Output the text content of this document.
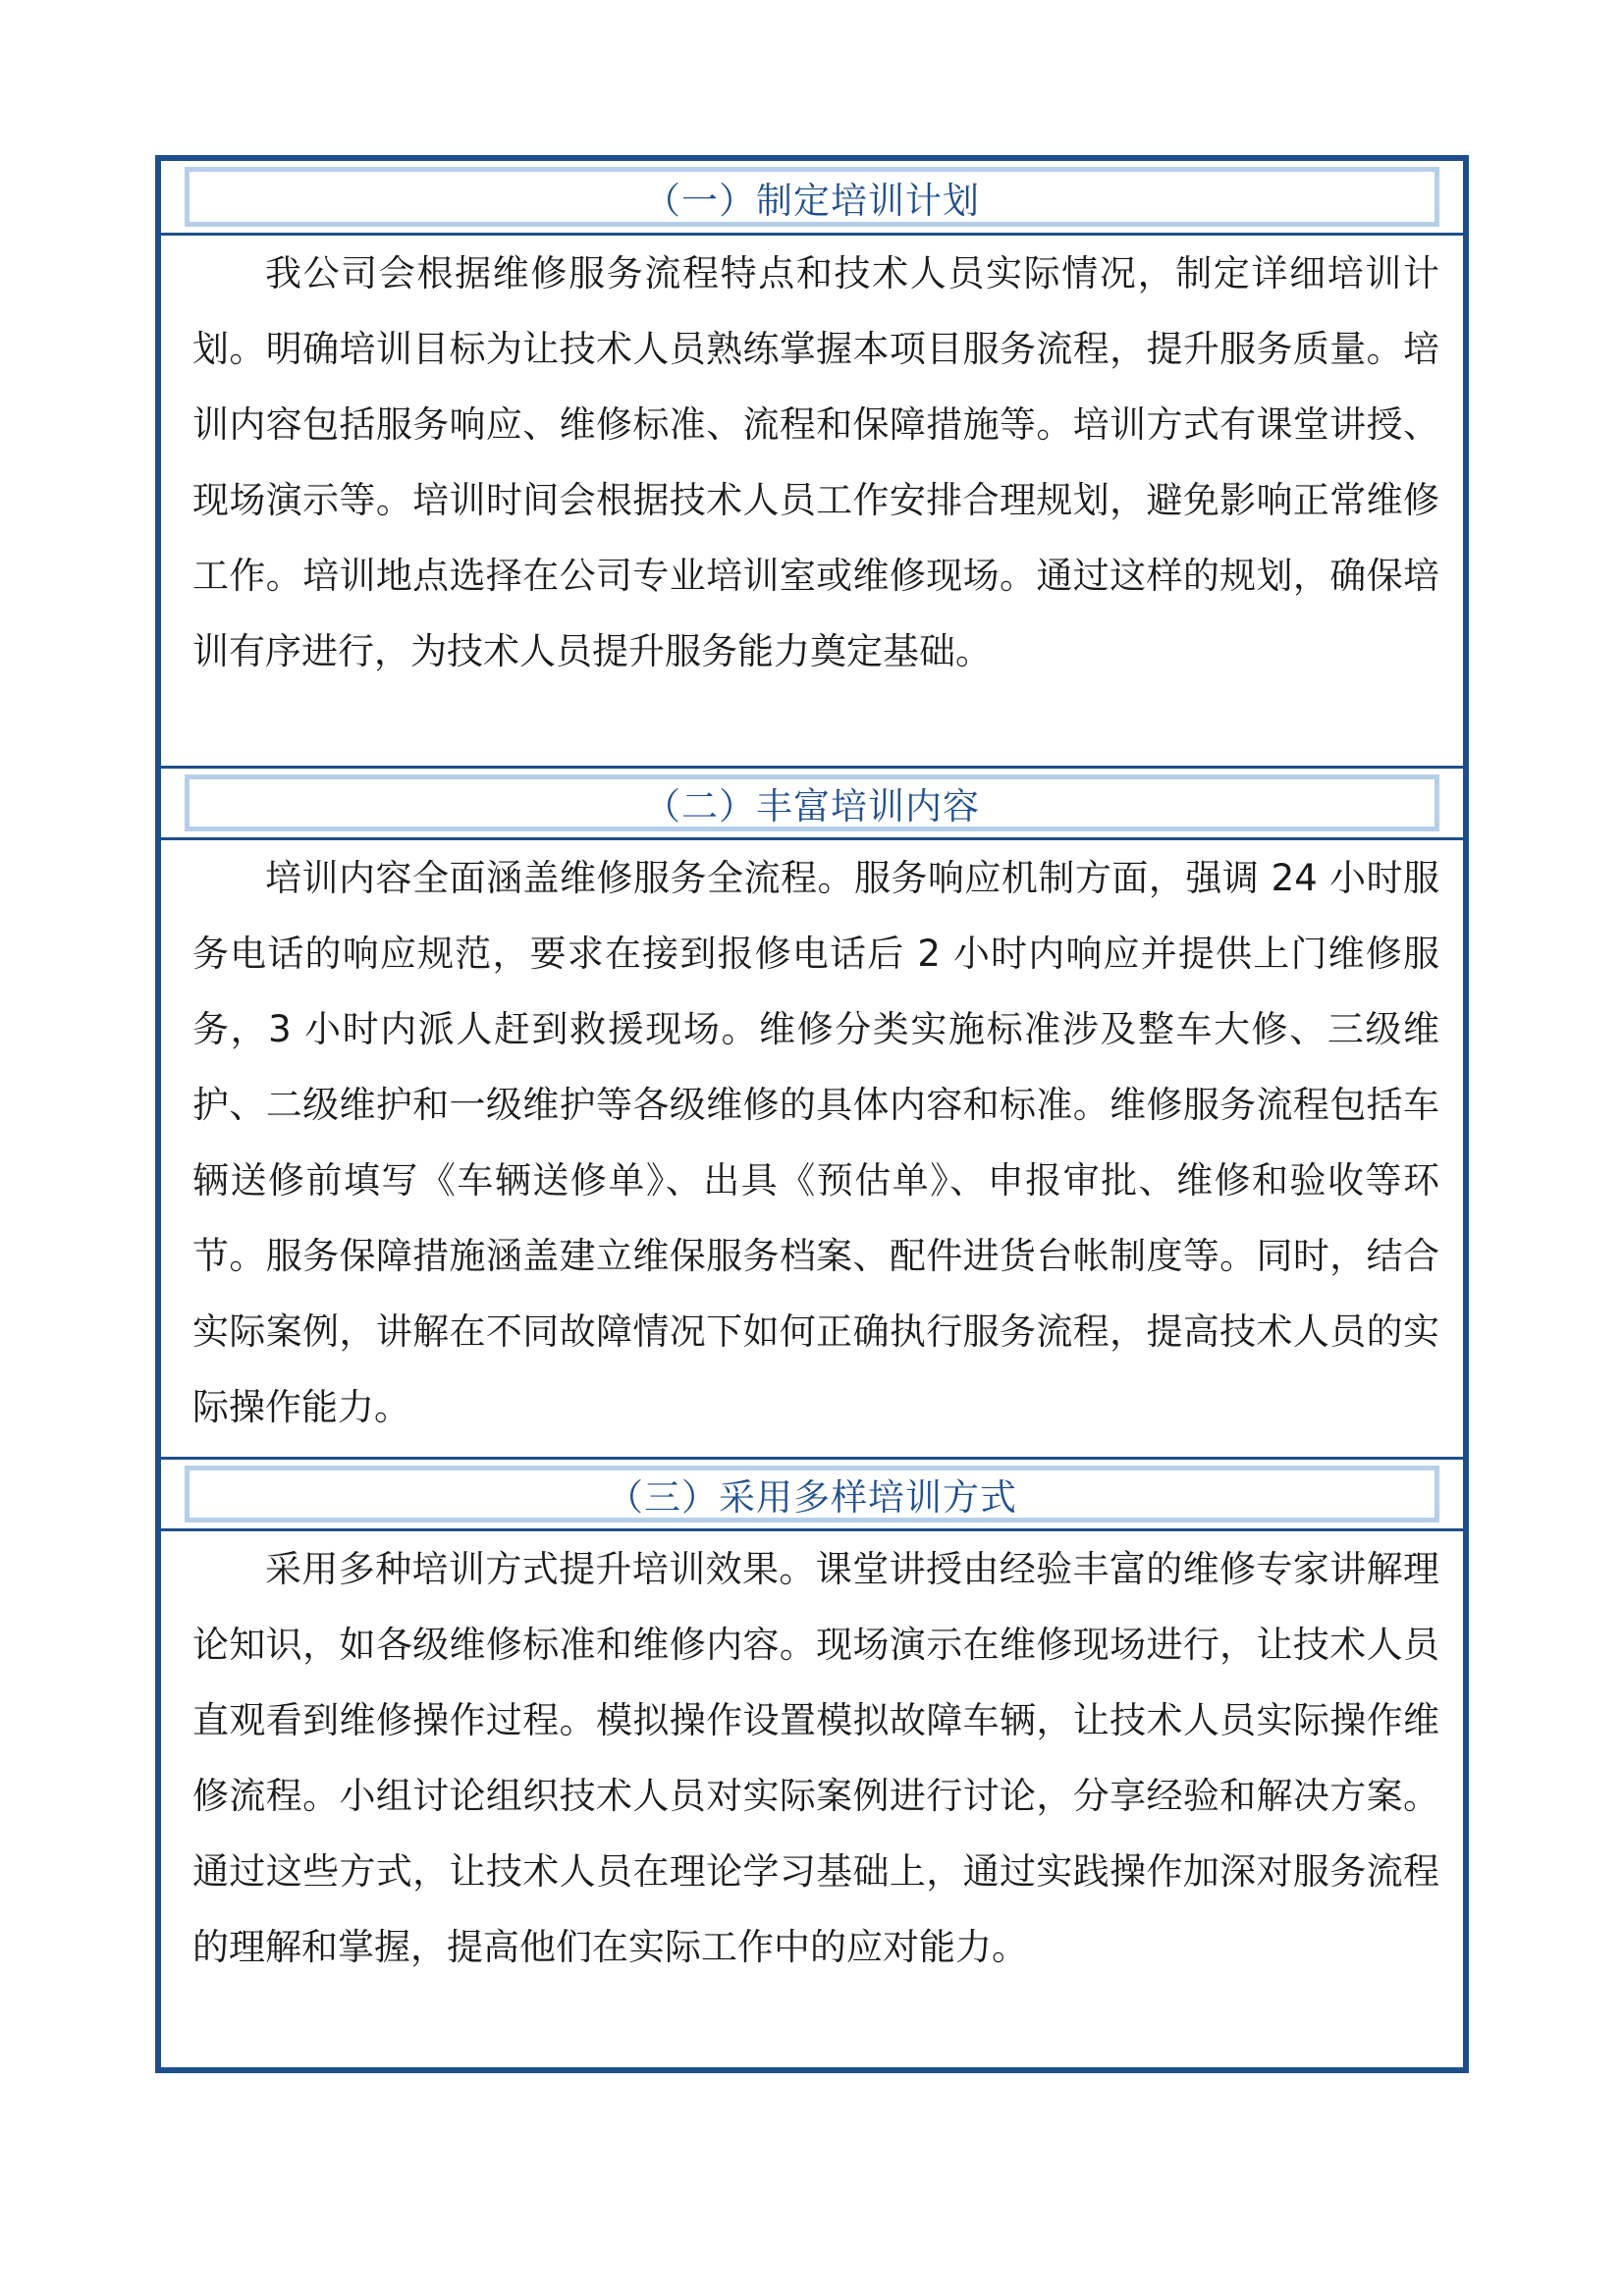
（一）制定培训计划

我公司会根据维修服务流程特点和技术人员实际情况，制定详细培训计划。明确培训目标为让技术人员熟练掌握本项目服务流程，提升服务质量。培训内容包括服务响应、维修标准、流程和保障措施等。培训方式有课堂讲授、现场演示等。培训时间会根据技术人员工作安排合理规划，避免影响正常维修工作。培训地点选择在公司专业培训室或维修现场。通过这样的规划，确保培训有序进行，为技术人员提升服务能力奠定基础。

（二）丰富培训内容

培训内容全面涵盖维修服务全流程。服务响应机制方面，强调 24 小时服务电话的响应规范，要求在接到报修电话后 2 小时内响应并提供上门维修服务，3 小时内派人赶到救援现场。维修分类实施标准涉及整车大修、三级维护、二级维护和一级维护等各级维修的具体内容和标准。维修服务流程包括车辆送修前填写《车辆送修单》、出具《预估单》、申报审批、维修和验收等环节。服务保障措施涵盖建立维保服务档案、配件进货台帐制度等。同时，结合实际案例，讲解在不同故障情况下如何正确执行服务流程，提高技术人员的实际操作能力。

（三）采用多样培训方式

采用多种培训方式提升培训效果。课堂讲授由经验丰富的维修专家讲解理论知识，如各级维修标准和维修内容。现场演示在维修现场进行，让技术人员直观看到维修操作过程。模拟操作设置模拟故障车辆，让技术人员实际操作维修流程。小组讨论组织技术人员对实际案例进行讨论，分享经验和解决方案。通过这些方式，让技术人员在理论学习基础上，通过实践操作加深对服务流程的理解和掌握，提高他们在实际工作中的应对能力。
